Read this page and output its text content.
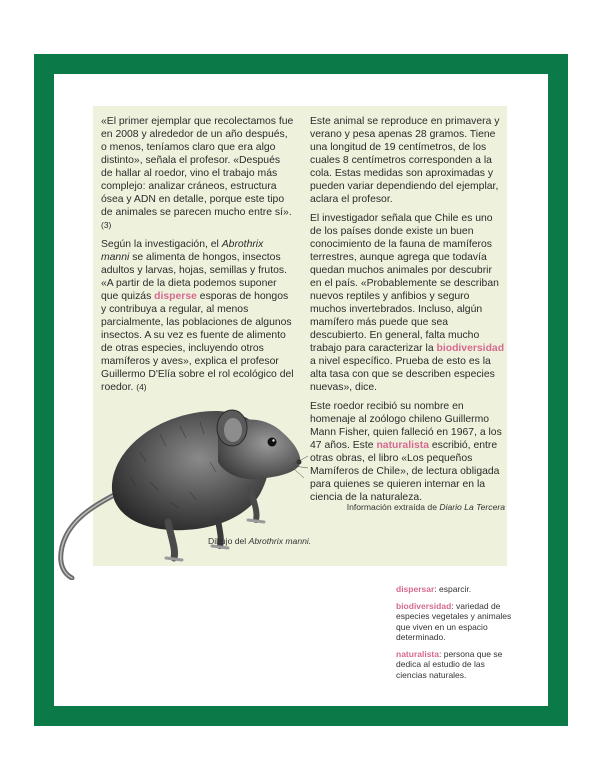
«El primer ejemplar que recolectamos fue en 2008 y alrededor de un año después, o menos, teníamos claro que era algo distinto», señala el profesor. «Después de hallar al roedor, vino el trabajo más complejo: analizar cráneos, estructura ósea y ADN en detalle, porque este tipo de animales se parecen mucho entre sí». (3)

Según la investigación, el Abrothrix manni se alimenta de hongos, insectos adultos y larvas, hojas, semillas y frutos. «A partir de la dieta podemos suponer que quizás disperse esporas de hongos y contribuya a regular, al menos parcialmente, las poblaciones de algunos insectos. A su vez es fuente de alimento de otras especies, incluyendo otros mamíferos y aves», explica el profesor Guillermo D'Elía sobre el rol ecológico del roedor. (4)

Este animal se reproduce en primavera y verano y pesa apenas 28 gramos. Tiene una longitud de 19 centímetros, de los cuales 8 centímetros corresponden a la cola. Estas medidas son aproximadas y pueden variar dependiendo del ejemplar, aclara el profesor.

El investigador señala que Chile es uno de los países donde existe un buen conocimiento de la fauna de mamíferos terrestres, aunque agrega que todavía quedan muchos animales por descubrir en el país. «Probablemente se describan nuevos reptiles y anfibios y seguro muchos invertebrados. Incluso, algún mamífero más puede que sea descubierto. En general, falta mucho trabajo para caracterizar la biodiversidad a nivel específico. Prueba de esto es la alta tasa con que se describen especies nuevas», dice.

Este roedor recibió su nombre en homenaje al zoólogo chileno Guillermo Mann Fisher, quien falleció en 1967, a los 47 años. Este naturalista escribió, entre otras obras, el libro «Los pequeños Mamíferos de Chile», de lectura obligada para quienes se quieren internar en la ciencia de la naturaleza.

Información extraída de Diario La Tercera
Dibujo del Abrothrix manni.

dispersar: esparcir.

biodiversidad: variedad de especies vegetales y animales que viven en un espacio determinado.

naturalista: persona que se dedica al estudio de las ciencias naturales.
